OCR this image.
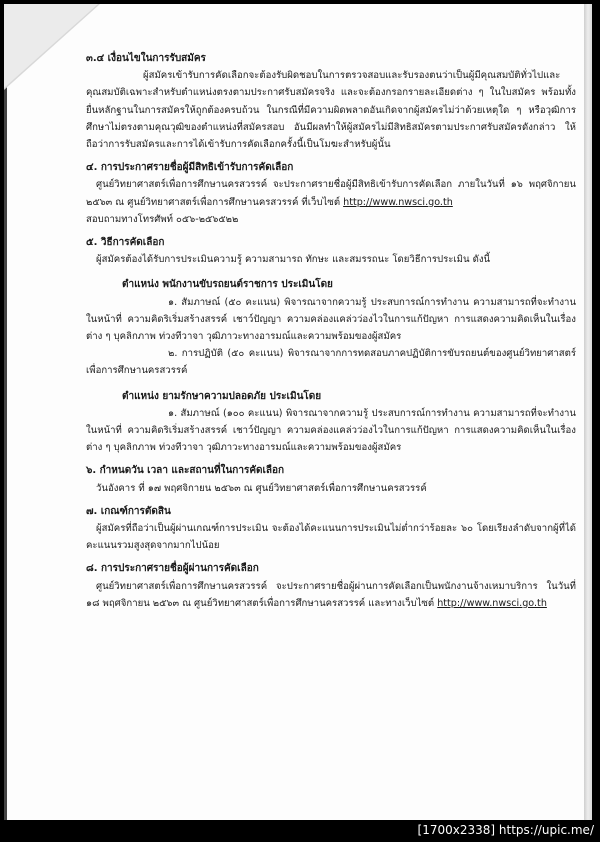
๓.๔ เงื่อนไขในการรับสมัคร

ผู้สมัครเข้ารับการคัดเลือกจะต้องรับผิดชอบในการตรวจสอบและรับรองตนว่าเป็นผู้มีคุณสมบัติทั่วไปและคุณสมบัติเฉพาะสำหรับตำแหน่งตรงตามประกาศรับสมัครจริง และจะต้องกรอกรายละเอียดต่าง ๆ ในใบสมัคร พร้อมทั้งยื่นหลักฐานในการสมัครให้ถูกต้องครบถ้วน ในกรณีที่มีความผิดพลาดอันเกิดจากผู้สมัครไม่ว่าด้วยเหตุใด ๆ หรือวุฒิการศึกษาไม่ตรงตามคุณวุฒิของตำแหน่งที่สมัครสอบ อันมีผลทำให้ผู้สมัครไม่มีสิทธิสมัครตามประกาศรับสมัครดังกล่าว ให้ถือว่าการรับสมัครและการได้เข้ารับการคัดเลือกครั้งนี้เป็นโมฆะสำหรับผู้นั้น

๔. การประกาศรายชื่อผู้มีสิทธิเข้ารับการคัดเลือก

ศูนย์วิทยาศาสตร์เพื่อการศึกษานครสวรรค์ จะประกาศรายชื่อผู้มีสิทธิเข้ารับการคัดเลือก ภายในวันที่ ๑๖ พฤศจิกายน ๒๕๖๓ ณ ศูนย์วิทยาศาสตร์เพื่อการศึกษานครสวรรค์ ที่เว็บไซต์ http://www.nwsci.go.th

สอบถามทางโทรศัพท์ ๐๕๖-๒๕๖๕๒๒

๕. วิธีการคัดเลือก

ผู้สมัครต้องได้รับการประเมินความรู้ ความสามารถ ทักษะ และสมรรถนะ โดยวิธีการประเมิน ดังนี้

ตำแหน่ง พนักงานขับรถยนต์ราชการ ประเมินโดย

๑. สัมภาษณ์ (๕๐ คะแนน) พิจารณาจากความรู้ ประสบการณ์การทำงาน ความสามารถที่จะทำงานในหน้าที่ ความคิดริเริ่มสร้างสรรค์ เชาว์ปัญญา ความคล่องแคล่วว่องไวในการแก้ปัญหา การแสดงความคิดเห็นในเรื่องต่าง ๆ บุคลิกภาพ ท่วงทีวาจา วุฒิภาวะทางอารมณ์และความพร้อมของผู้สมัคร

๒. การปฏิบัติ (๕๐ คะแนน) พิจารณาจากการทดสอบภาคปฏิบัติการขับรถยนต์ของศูนย์วิทยาศาสตร์เพื่อการศึกษานครสวรรค์

ตำแหน่ง ยามรักษาความปลอดภัย ประเมินโดย

๑. สัมภาษณ์ (๑๐๐ คะแนน) พิจารณาจากความรู้ ประสบการณ์การทำงาน ความสามารถที่จะทำงานในหน้าที่ ความคิดริเริ่มสร้างสรรค์ เชาว์ปัญญา ความคล่องแคล่วว่องไวในการแก้ปัญหา การแสดงความคิดเห็นในเรื่องต่าง ๆ บุคลิกภาพ ท่วงทีวาจา วุฒิภาวะทางอารมณ์และความพร้อมของผู้สมัคร

๖. กำหนดวัน เวลา และสถานที่ในการคัดเลือก

วันอังคาร ที่ ๑๗ พฤศจิกายน ๒๕๖๓ ณ ศูนย์วิทยาศาสตร์เพื่อการศึกษานครสวรรค์

๗. เกณฑ์การตัดสิน

ผู้สมัครที่ถือว่าเป็นผู้ผ่านเกณฑ์การประเมิน จะต้องได้คะแนนการประเมินไม่ต่ำกว่าร้อยละ ๖๐ โดยเรียงลำดับจากผู้ที่ได้คะแนนรวมสูงสุดจากมากไปน้อย

๘. การประกาศรายชื่อผู้ผ่านการคัดเลือก

ศูนย์วิทยาศาสตร์เพื่อการศึกษานครสวรรค์ จะประกาศรายชื่อผู้ผ่านการคัดเลือกเป็นพนักงานจ้างเหมาบริการ ในวันที่ ๑๘ พฤศจิกายน ๒๕๖๓ ณ ศูนย์วิทยาศาสตร์เพื่อการศึกษานครสวรรค์ และทางเว็บไซต์ http://www.nwsci.go.th

[1700x2338] https://upic.me/
